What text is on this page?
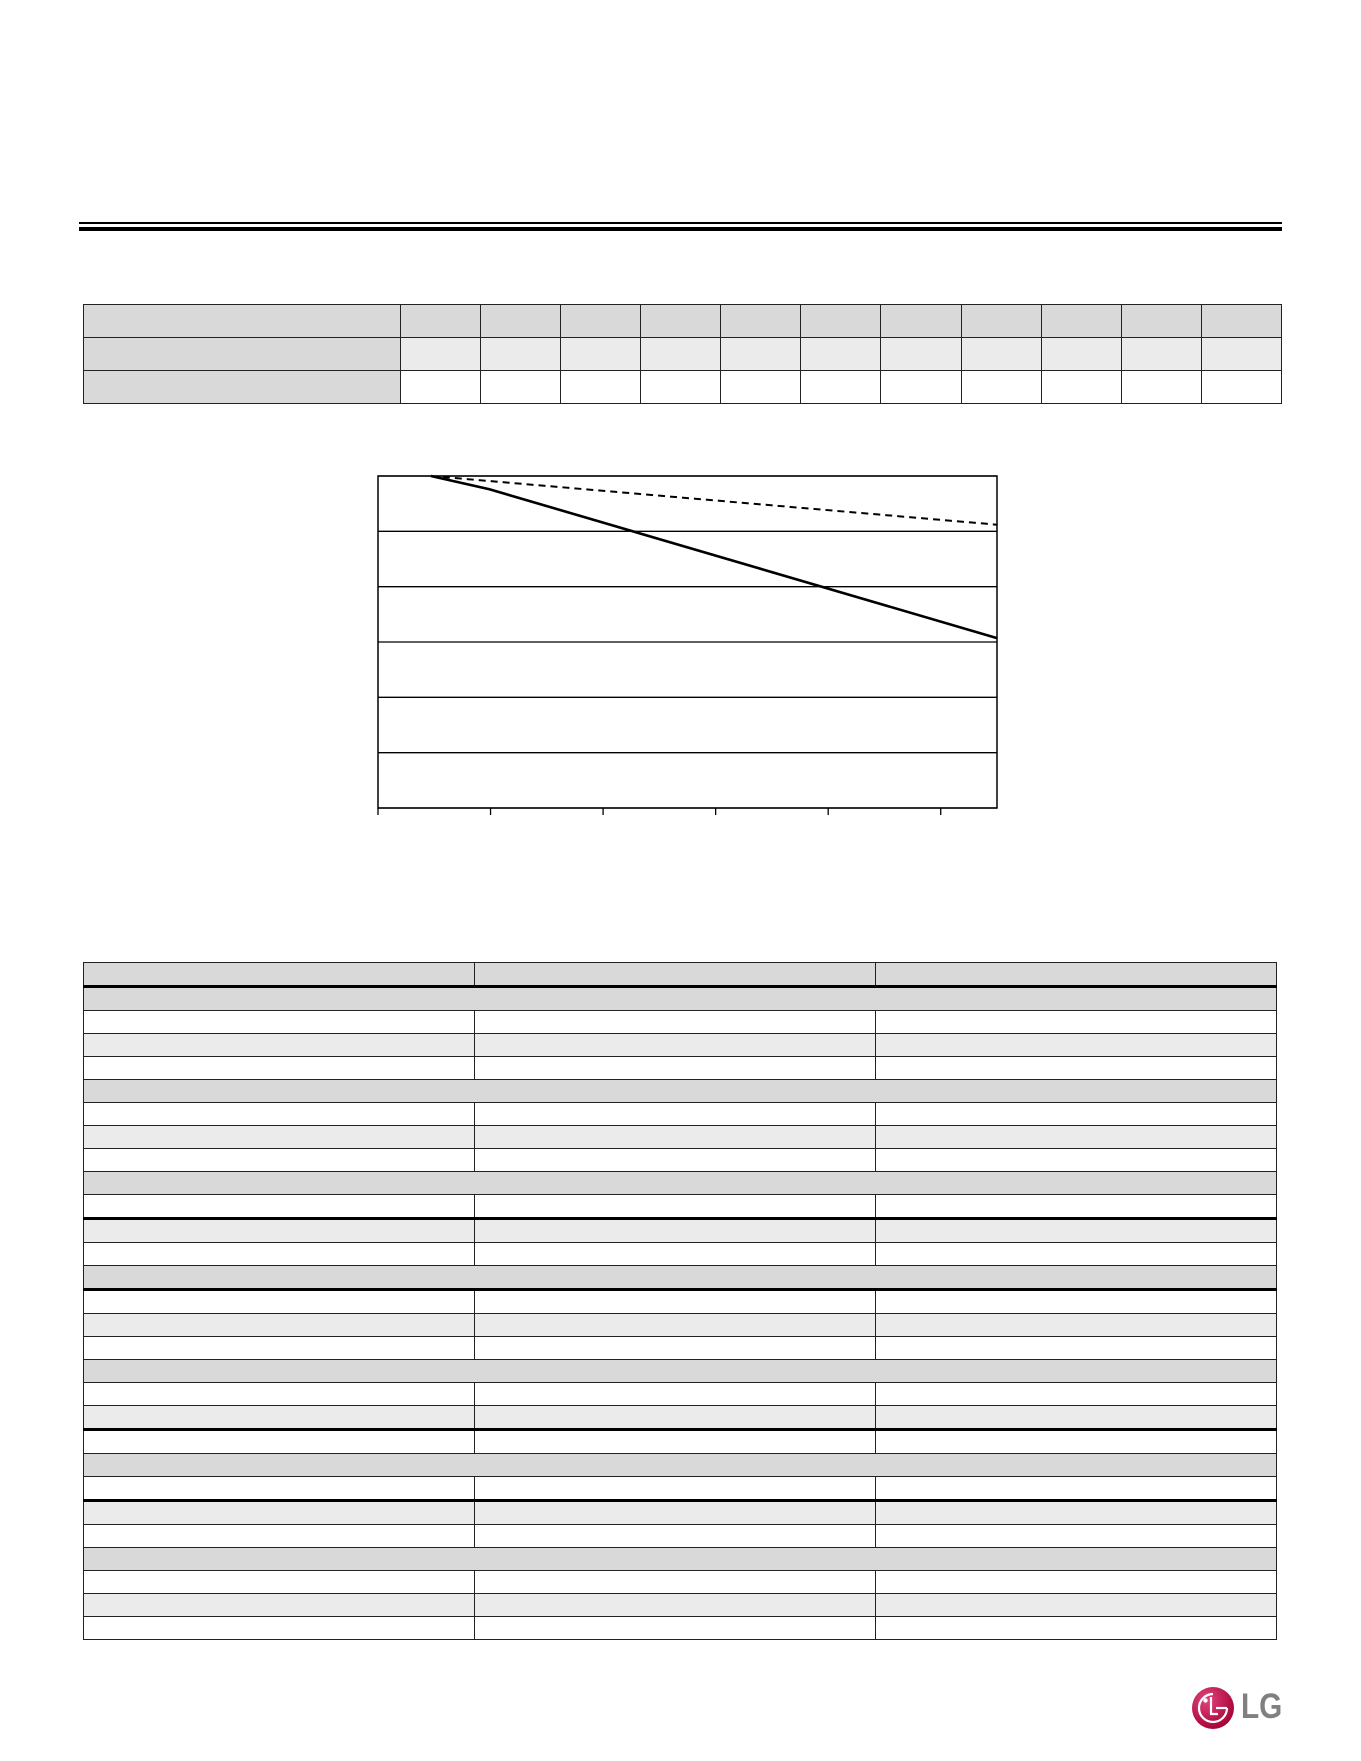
LG
